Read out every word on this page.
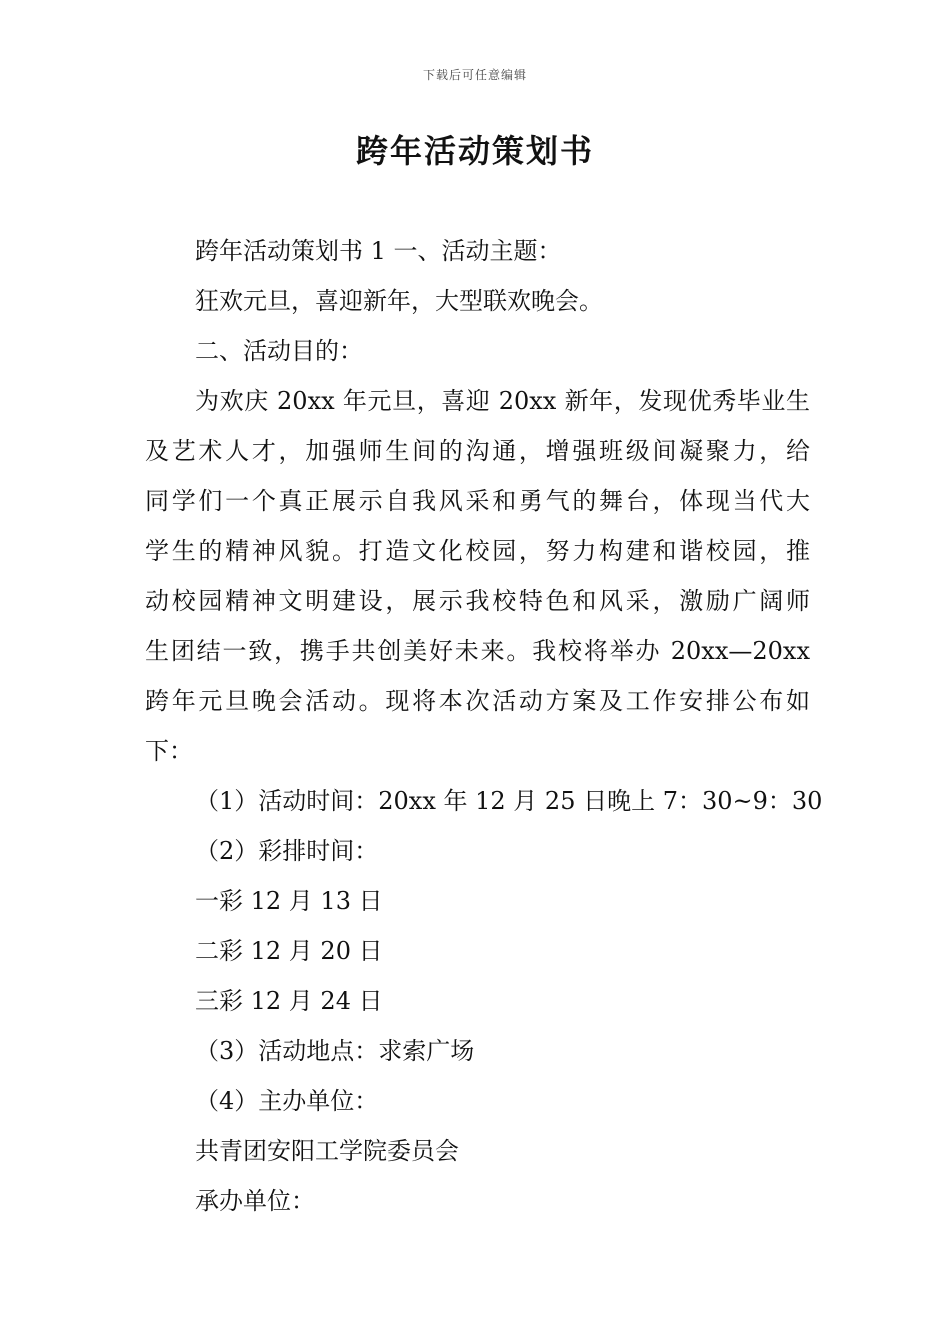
下载后可任意编辑
跨年活动策划书
跨年活动策划书 1 一、活动主题：
狂欢元旦，喜迎新年，大型联欢晚会。
二、活动目的：
为欢庆 20xx 年元旦，喜迎 20xx 新年，发现优秀毕业生
及艺术人才，加强师生间的沟通，增强班级间凝聚力，给
同学们一个真正展示自我风采和勇气的舞台，体现当代大
学生的精神风貌。打造文化校园，努力构建和谐校园，推
动校园精神文明建设，展示我校特色和风采，激励广阔师
生团结一致，携手共创美好未来。我校将举办 20xx—20xx
跨年元旦晚会活动。现将本次活动方案及工作安排公布如
下：
（1）活动时间：20xx 年 12 月 25 日晚上 7：30~9：30
（2）彩排时间：
一彩 12 月 13 日
二彩 12 月 20 日
三彩 12 月 24 日
（3）活动地点：求索广场
（4）主办单位：
共青团安阳工学院委员会
承办单位：
